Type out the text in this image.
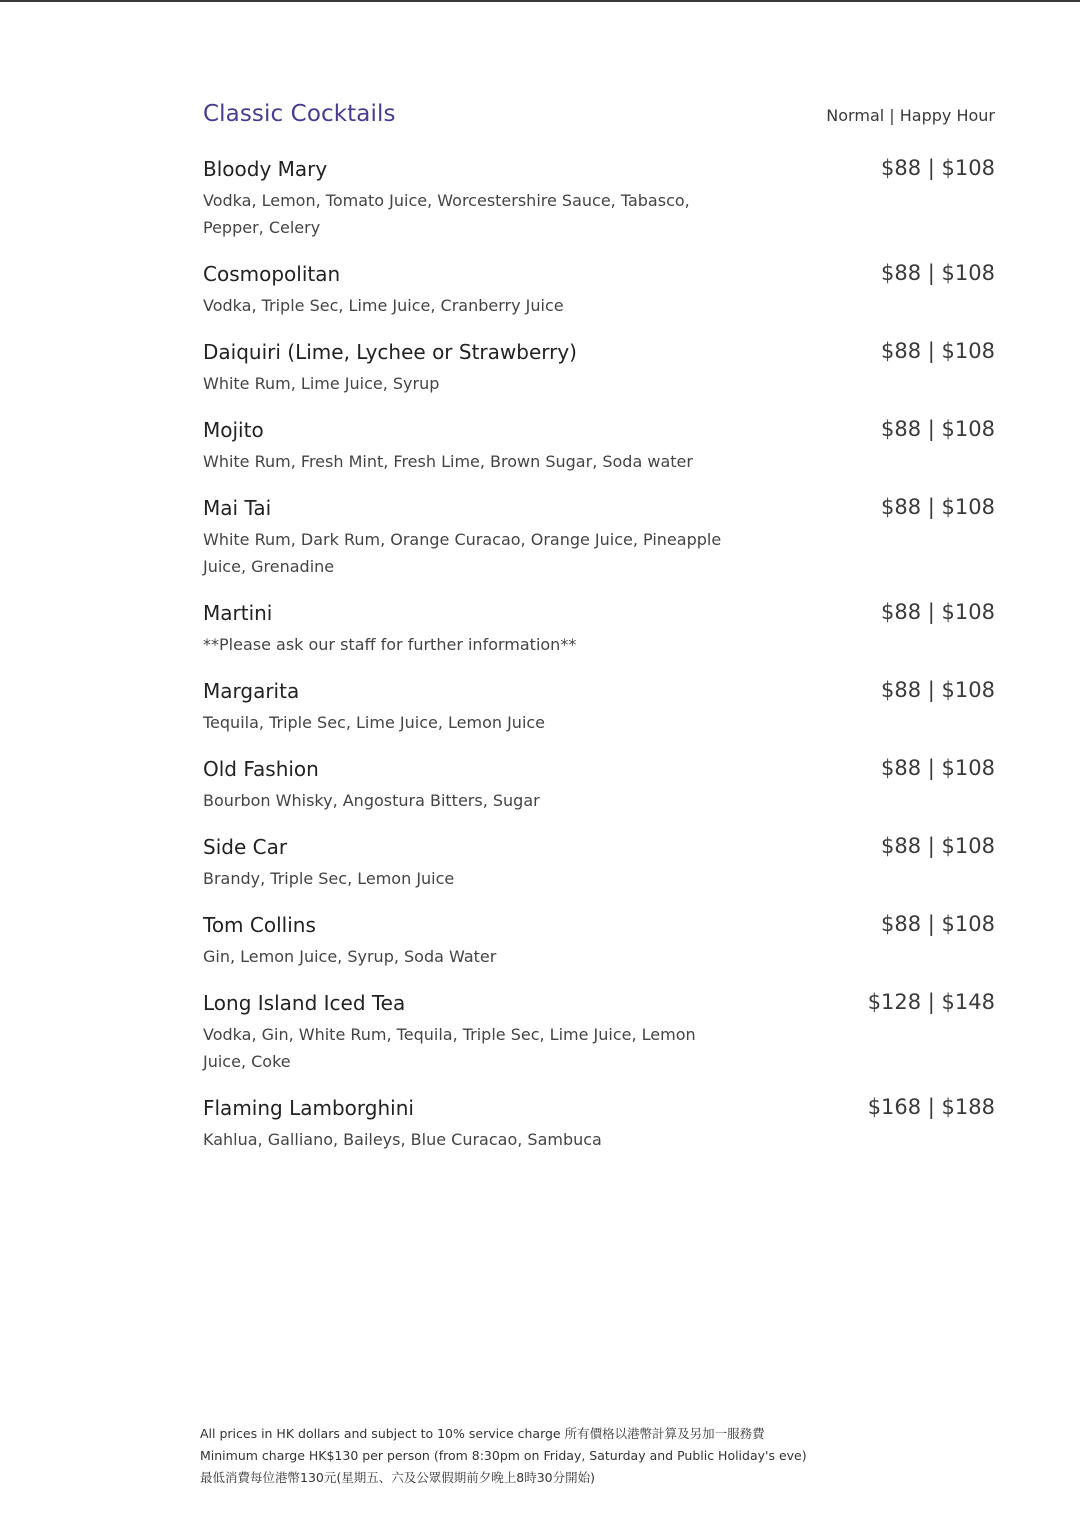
Classic Cocktails	Normal | Happy Hour
Bloody Mary	$88 | $108
Vodka, Lemon, Tomato Juice, Worcestershire Sauce, Tabasco, Pepper, Celery
Cosmopolitan	$88 | $108
Vodka, Triple Sec, Lime Juice, Cranberry Juice
Daiquiri (Lime, Lychee or Strawberry)	$88 | $108
White Rum, Lime Juice, Syrup
Mojito	$88 | $108
White Rum, Fresh Mint, Fresh Lime, Brown Sugar, Soda water
Mai Tai	$88 | $108
White Rum, Dark Rum, Orange Curacao, Orange Juice, Pineapple Juice, Grenadine
Martini	$88 | $108
**Please ask our staff for further information**
Margarita	$88 | $108
Tequila, Triple Sec, Lime Juice, Lemon Juice
Old Fashion	$88 | $108
Bourbon Whisky, Angostura Bitters, Sugar
Side Car	$88 | $108
Brandy, Triple Sec, Lemon Juice
Tom Collins	$88 | $108
Gin, Lemon Juice, Syrup, Soda Water
Long Island Iced Tea	$128 | $148
Vodka, Gin, White Rum, Tequila, Triple Sec, Lime Juice, Lemon Juice, Coke
Flaming Lamborghini	$168 | $188
Kahlua, Galliano, Baileys, Blue Curacao, Sambuca
All prices in HK dollars and subject to 10% service charge 所有價格以港幣計算及另加一服務費
Minimum charge HK$130 per person (from 8:30pm on Friday, Saturday and Public Holiday's eve)
最低消費每位港幣130元(星期五、六及公眾假期前夕晚上8時30分開始)
